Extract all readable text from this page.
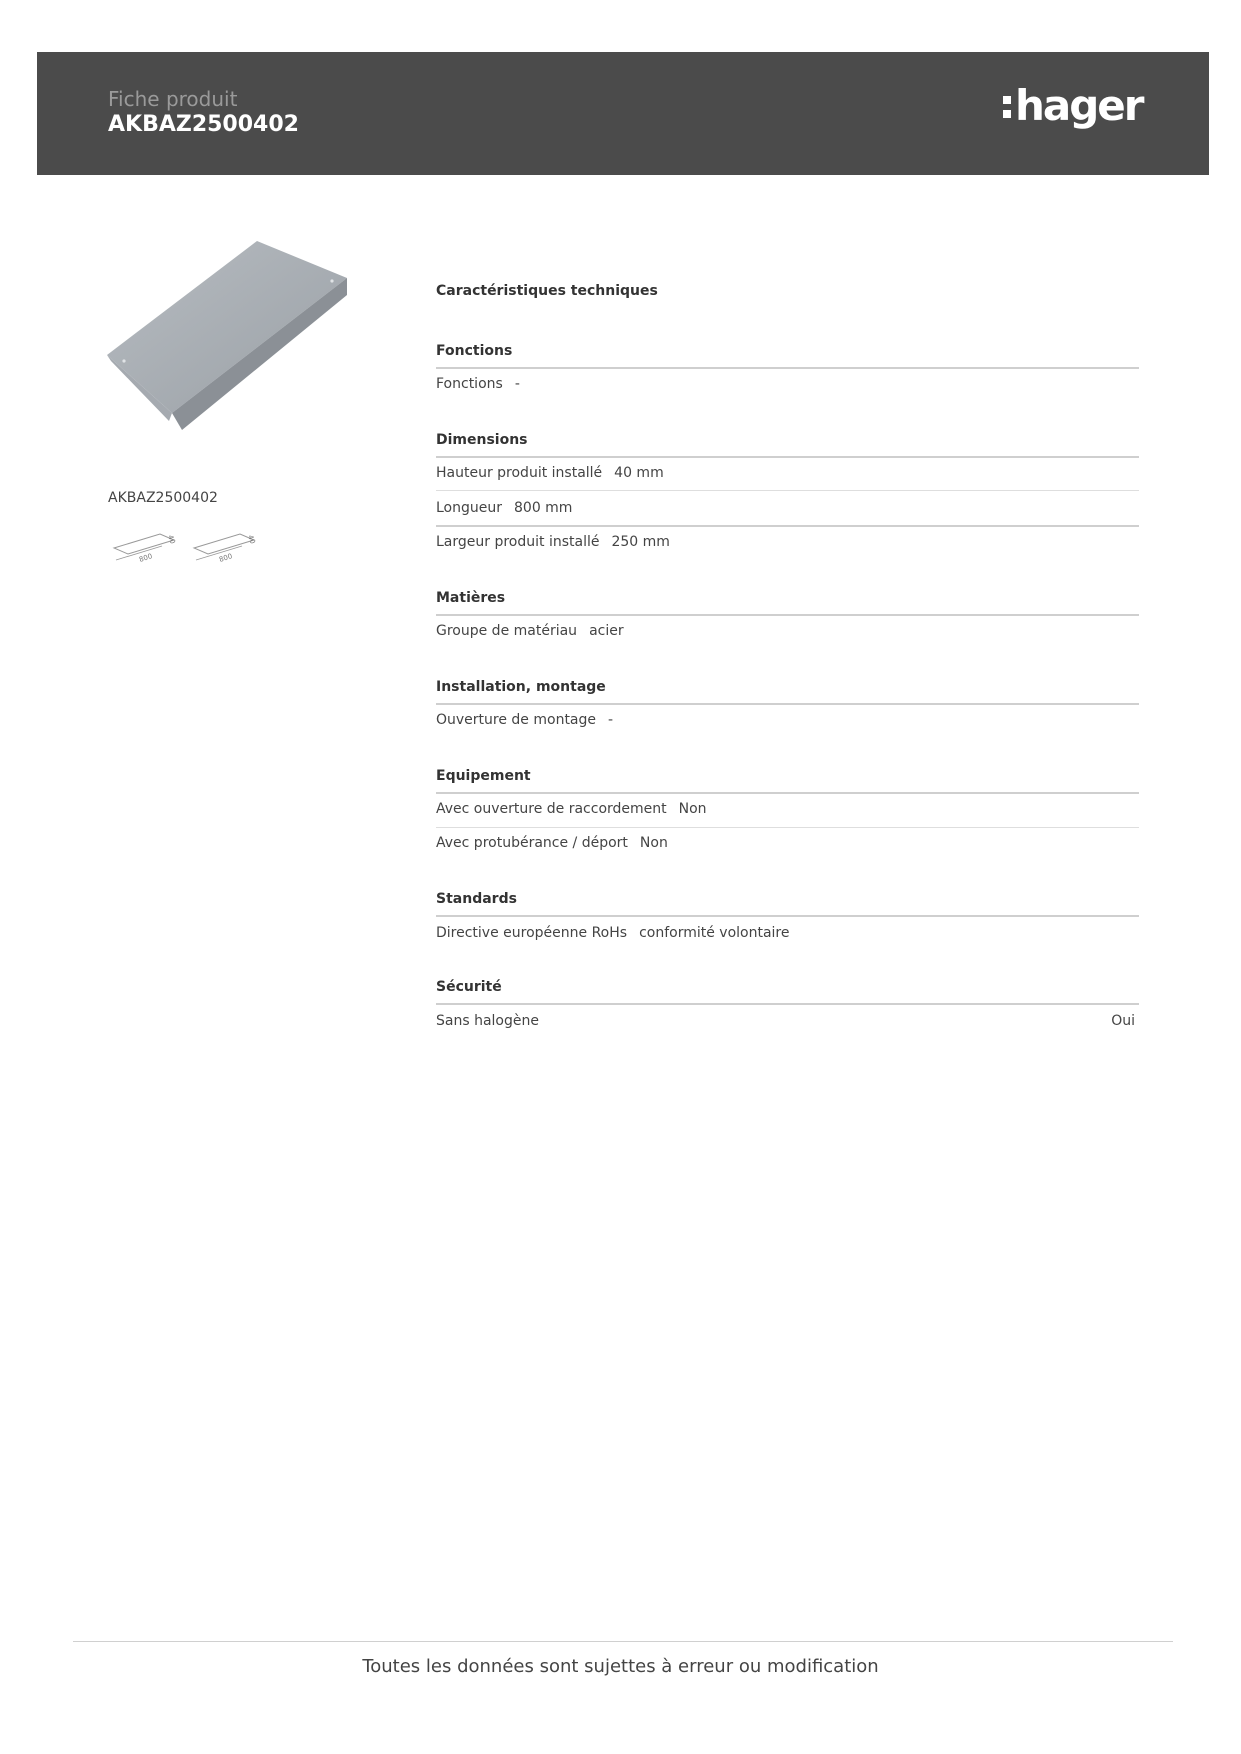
Fiche produit
AKBAZ2500402	hager
AKBAZ2500402
800
40
800
40
Caractéristiques techniques
Fonctions
Fonctions -
Dimensions
Hauteur produit installé 40 mm
Longueur 800 mm
Largeur produit installé 250 mm
Matières
Groupe de matériau acier
Installation, montage
Ouverture de montage -
Equipement
Avec ouverture de raccordement Non
Avec protubérance / déport Non
Standards
Directive européenne RoHs conformité volontaire
Sécurité
Sans halogène	Oui
Toutes les données sont sujettes à erreur ou modification
